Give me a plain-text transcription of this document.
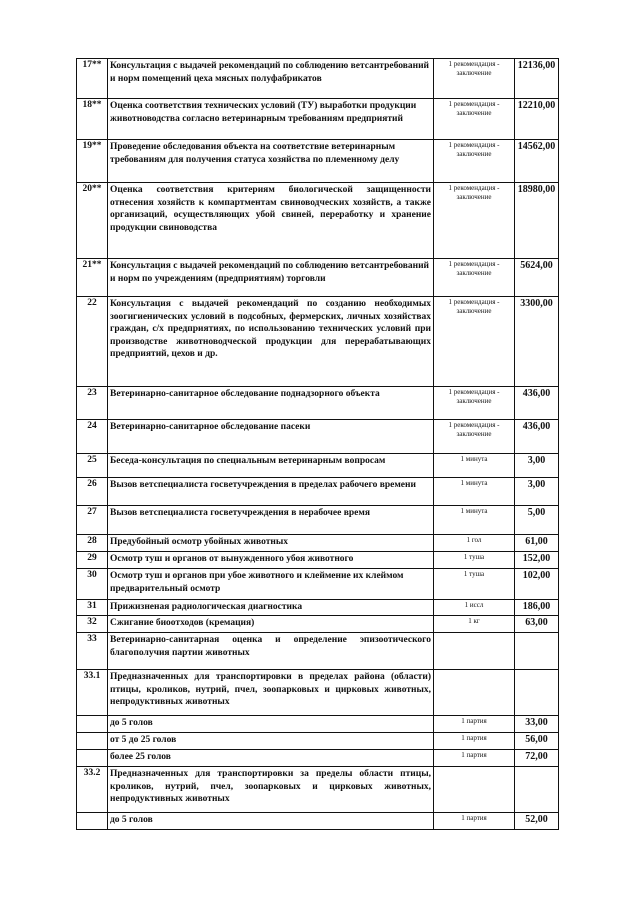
17**	Консультация с выдачей рекомендаций по соблюдению ветсантребований и норм помещений цеха мясных полуфабрикатов	1 рекомендация - заключение	12136,00
18**	Оценка соответствия технических условий (ТУ) выработки продукции животноводства согласно ветеринарным требованиям предприятий	1 рекомендация - заключение	12210,00
19**	Проведение обследования объекта на соответствие ветеринарным требованиям для получения статуса хозяйства по племенному делу	1 рекомендация - заключение	14562,00
20**	Оценка соответствия критериям биологической защищенности отнесения хозяйств к компартментам свиноводческих хозяйств, а также организаций, осуществляющих убой свиней, переработку и хранение продукции свиноводства	1 рекомендация - заключение	18980,00
21**	Консультация с выдачей рекомендаций по соблюдению ветсантребований и норм по учреждениям (предприятиям) торговли	1 рекомендация - заключение	5624,00
22	Консультация с выдачей рекомендаций по созданию необходимых зоогигиенических условий в подсобных, фермерских, личных хозяйствах граждан, с/х предприятиях, по использованию технических условий при производстве животноводческой продукции для перерабатывающих предприятий, цехов и др.	1 рекомендация - заключение	3300,00
23	Ветеринарно-санитарное обследование поднадзорного объекта	1 рекомендация - заключение	436,00
24	Ветеринарно-санитарное обследование пасеки	1 рекомендация - заключение	436,00
25	Беседа-консультация по специальным ветеринарным вопросам	1 минута	3,00
26	Вызов ветспециалиста госветучреждения в пределах рабочего времени	1 минута	3,00
27	Вызов ветспециалиста госветучреждения в нерабочее время	1 минута	5,00
28	Предубойный осмотр убойных животных	1 гол	61,00
29	Осмотр туш и органов от вынужденного убоя животного	1 туша	152,00
30	Осмотр туш и органов при убое животного и клеймение их клеймом предварительный осмотр	1 туша	102,00
31	Прижизненая радиологическая диагностика	1 иссл	186,00
32	Сжигание биоотходов (кремация)	1 кг	63,00
33	Ветеринарно-санитарная оценка и определение эпизоотического благополучия партии животных		
33.1	Предназначенных для транспортировки в пределах района (области) птицы, кроликов, нутрий, пчел, зоопарковых и цирковых животных, непродуктивных животных		
	до 5 голов	1 партия	33,00
	от 5 до 25 голов	1 партия	56,00
	более 25 голов	1 партия	72,00
33.2	Предназначенных для транспортировки за пределы области птицы, кроликов, нутрий, пчел, зоопарковых и цирковых животных, непродуктивных животных		
	до 5 голов	1 партия	52,00
